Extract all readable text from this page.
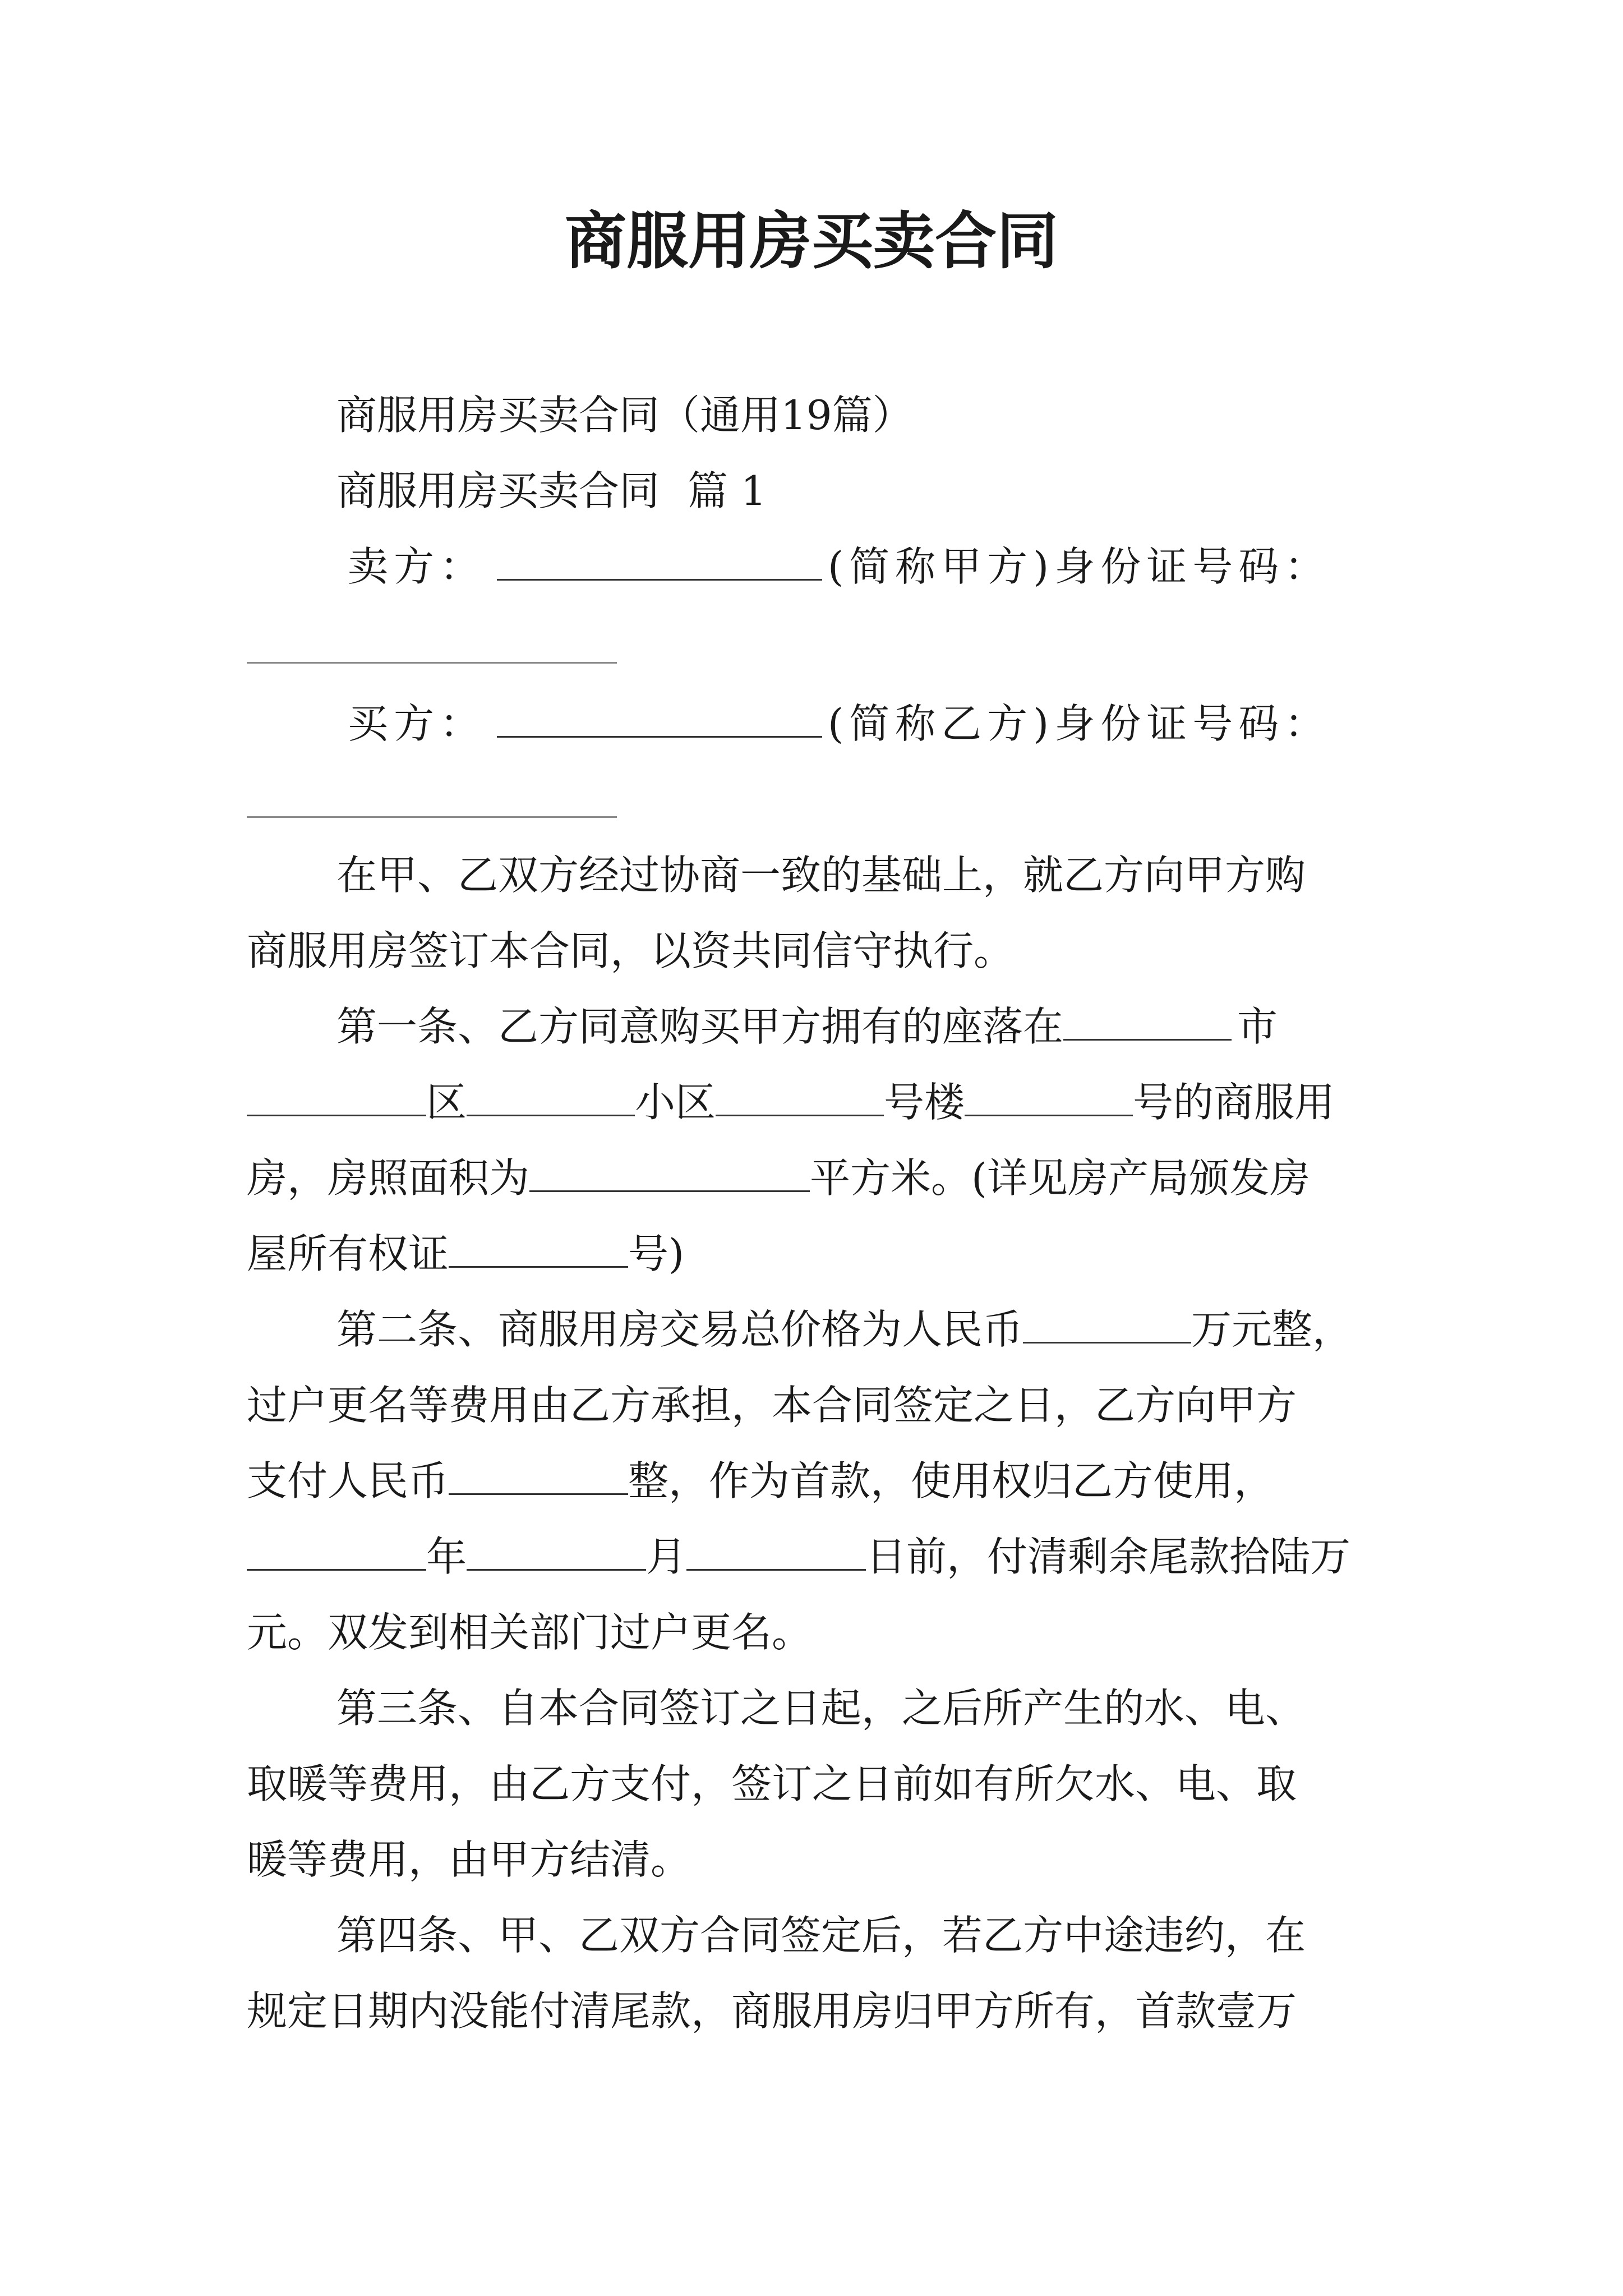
商服用房买卖合同
商服用房买卖合同（通用19篇）
商服用房买卖合同 篇 1
卖方：	(简称甲方)身份证号码：
买方：	(简称乙方)身份证号码：
在甲、乙双方经过协商一致的基础上，就乙方向甲方购
商服用房签订本合同，以资共同信守执行。
第一条、乙方同意购买甲方拥有的座落在	市
区	小区	号楼	号的商服用
房，房照面积为	平方米。(详见房产局颁发房
屋所有权证	号)
第二条、商服用房交易总价格为人民币	万元整，
过户更名等费用由乙方承担，本合同签定之日，乙方向甲方
支付人民币	整，作为首款，使用权归乙方使用，
年	月	日前，付清剩余尾款拾陆万
元。双发到相关部门过户更名。
第三条、自本合同签订之日起，之后所产生的水、电、
取暖等费用，由乙方支付，签订之日前如有所欠水、电、取
暖等费用，由甲方结清。
第四条、甲、乙双方合同签定后，若乙方中途违约，在
规定日期内没能付清尾款，商服用房归甲方所有，首款壹万
